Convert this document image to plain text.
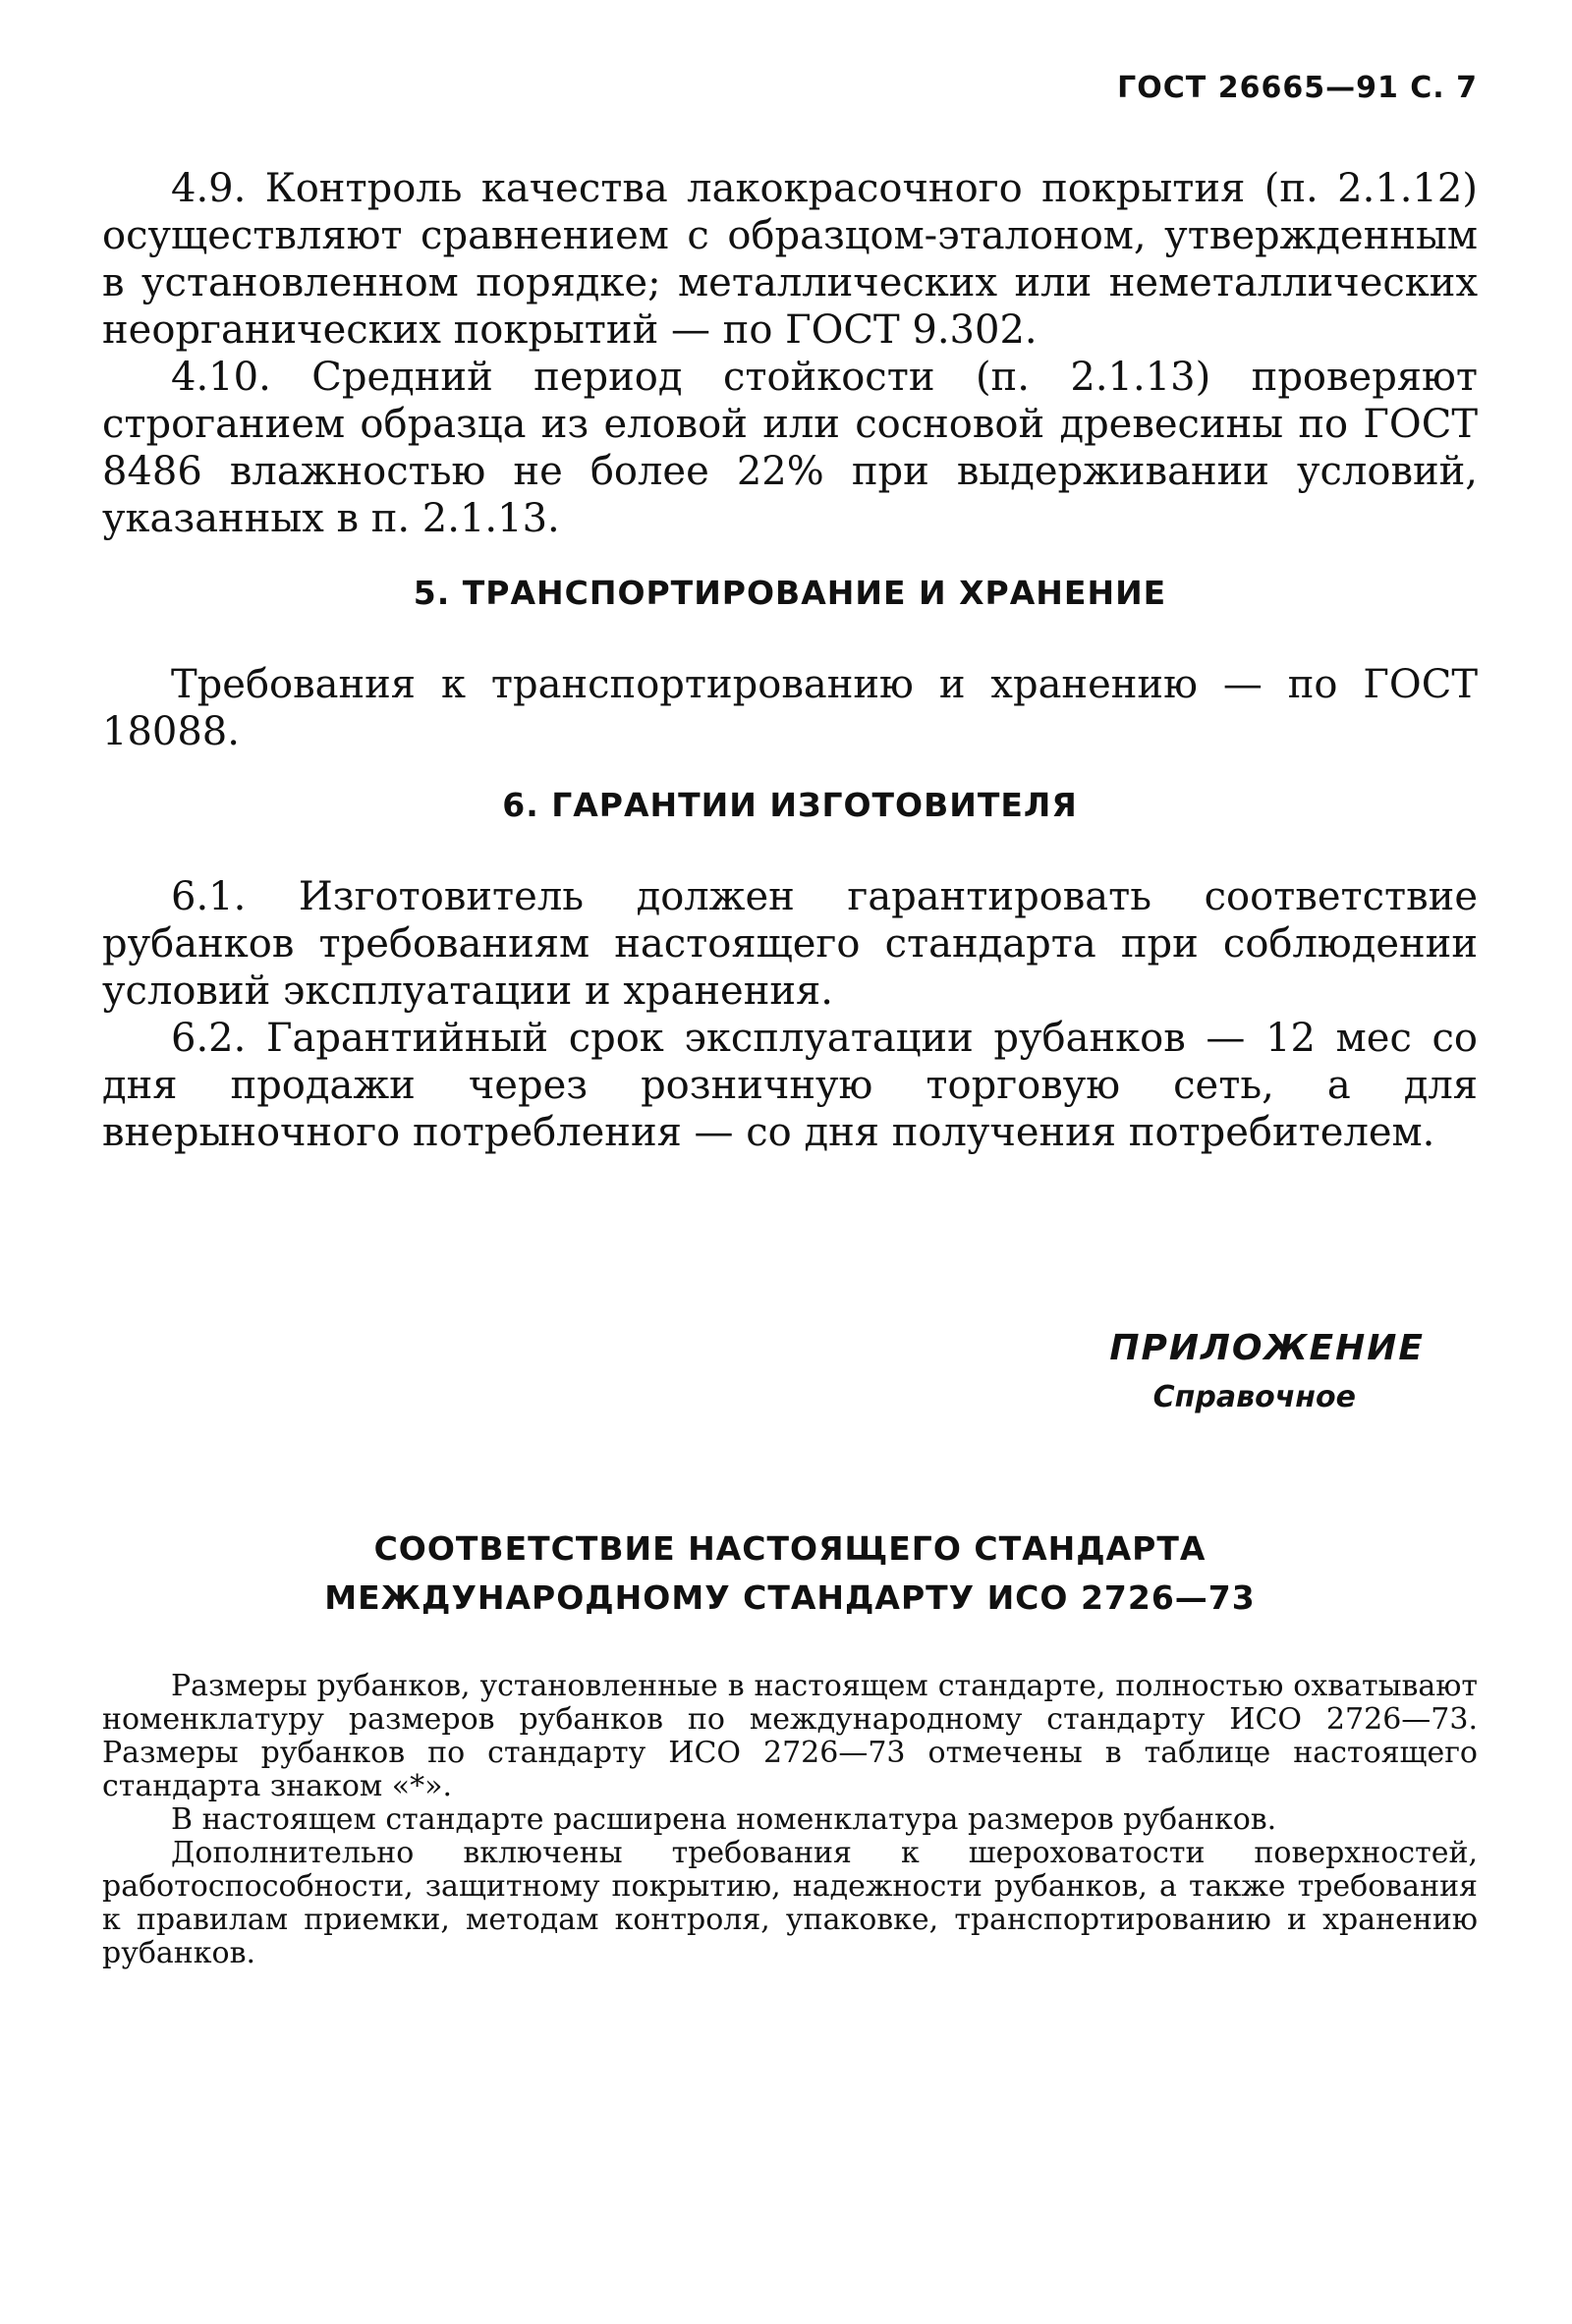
ГОСТ 26665—91 С. 7

4.9. Контроль качества лакокрасочного покрытия (п. 2.1.12) осуществляют сравнением с образцом-эталоном, утвержденным в установленном порядке; металлических или неметаллических неорганических покрытий — по ГОСТ 9.302.

4.10. Средний период стойкости (п. 2.1.13) проверяют строганием образца из еловой или сосновой древесины по ГОСТ 8486 влажностью не более 22% при выдерживании условий, указанных в п. 2.1.13.

5. ТРАНСПОРТИРОВАНИЕ И ХРАНЕНИЕ

Требования к транспортированию и хранению — по ГОСТ 18088.

6. ГАРАНТИИ ИЗГОТОВИТЕЛЯ

6.1. Изготовитель должен гарантировать соответствие рубанков требованиям настоящего стандарта при соблюдении условий эксплуатации и хранения.

6.2. Гарантийный срок эксплуатации рубанков — 12 мес со дня продажи через розничную торговую сеть, а для внерыночного потребления — со дня получения потребителем.

ПРИЛОЖЕНИЕ
Справочное
СООТВЕТСТВИЕ НАСТОЯЩЕГО СТАНДАРТА
МЕЖДУНАРОДНОМУ СТАНДАРТУ ИСО 2726—73

Размеры рубанков, установленные в настоящем стандарте, полностью охватывают номенклатуру размеров рубанков по международному стандарту ИСО 2726—73. Размеры рубанков по стандарту ИСО 2726—73 отмечены в таблице настоящего стандарта знаком «*».

В настоящем стандарте расширена номенклатура размеров рубанков.

Дополнительно включены требования к шероховатости поверхностей, работоспособности, защитному покрытию, надежности рубанков, а также требования к правилам приемки, методам контроля, упаковке, транспортированию и хранению рубанков.
